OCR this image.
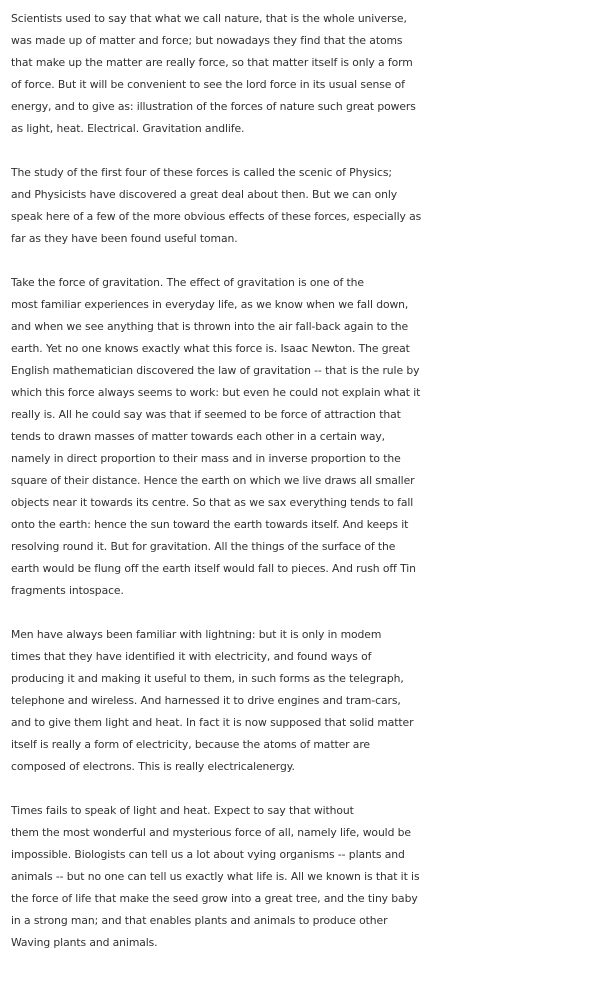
Scientists used to say that what we call nature, that is the whole universe,
was made up of matter and force; but nowadays they find that the atoms
that make up the matter are really force, so that matter itself is only a form
of force. But it will be convenient to see the lord force in its usual sense of
energy, and to give as: illustration of the forces of nature such great powers
as light, heat. Electrical. Gravitation andlife.

The study of the first four of these forces is called the scenic of Physics;
and Physicists have discovered a great deal about then. But we can only
speak here of a few of the more obvious effects of these forces, especially as
far as they have been found useful toman.

Take the force of gravitation. The effect of gravitation is one of the
most familiar experiences in everyday life, as we know when we fall down,
and when we see anything that is thrown into the air fall-back again to the
earth. Yet no one knows exactly what this force is. Isaac Newton. The great
English mathematician discovered the law of gravitation -- that is the rule by
which this force always seems to work: but even he could not explain what it
really is. All he could say was that if seemed to be force of attraction that
tends to drawn masses of matter towards each other in a certain way,
namely in direct proportion to their mass and in inverse proportion to the
square of their distance. Hence the earth on which we live draws all smaller
objects near it towards its centre. So that as we sax everything tends to fall
onto the earth: hence the sun toward the earth towards itself. And keeps it
resolving round it. But for gravitation. All the things of the surface of the
earth would be flung off the earth itself would fall to pieces. And rush off Tin
fragments intospace.

Men have always been familiar with lightning: but it is only in modem
times that they have identified it with electricity, and found ways of
producing it and making it useful to them, in such forms as the telegraph,
telephone and wireless. And harnessed it to drive engines and tram-cars,
and to give them light and heat. In fact it is now supposed that solid matter
itself is really a form of electricity, because the atoms of matter are
composed of electrons. This is really electricalenergy.

Times fails to speak of light and heat. Expect to say that without
them the most wonderful and mysterious force of all, namely life, would be
impossible. Biologists can tell us a lot about vying organisms -- plants and
animals -- but no one can tell us exactly what life is. All we known is that it is
the force of life that make the seed grow into a great tree, and the tiny baby
in a strong man; and that enables plants and animals to produce other
Waving plants and animals.
